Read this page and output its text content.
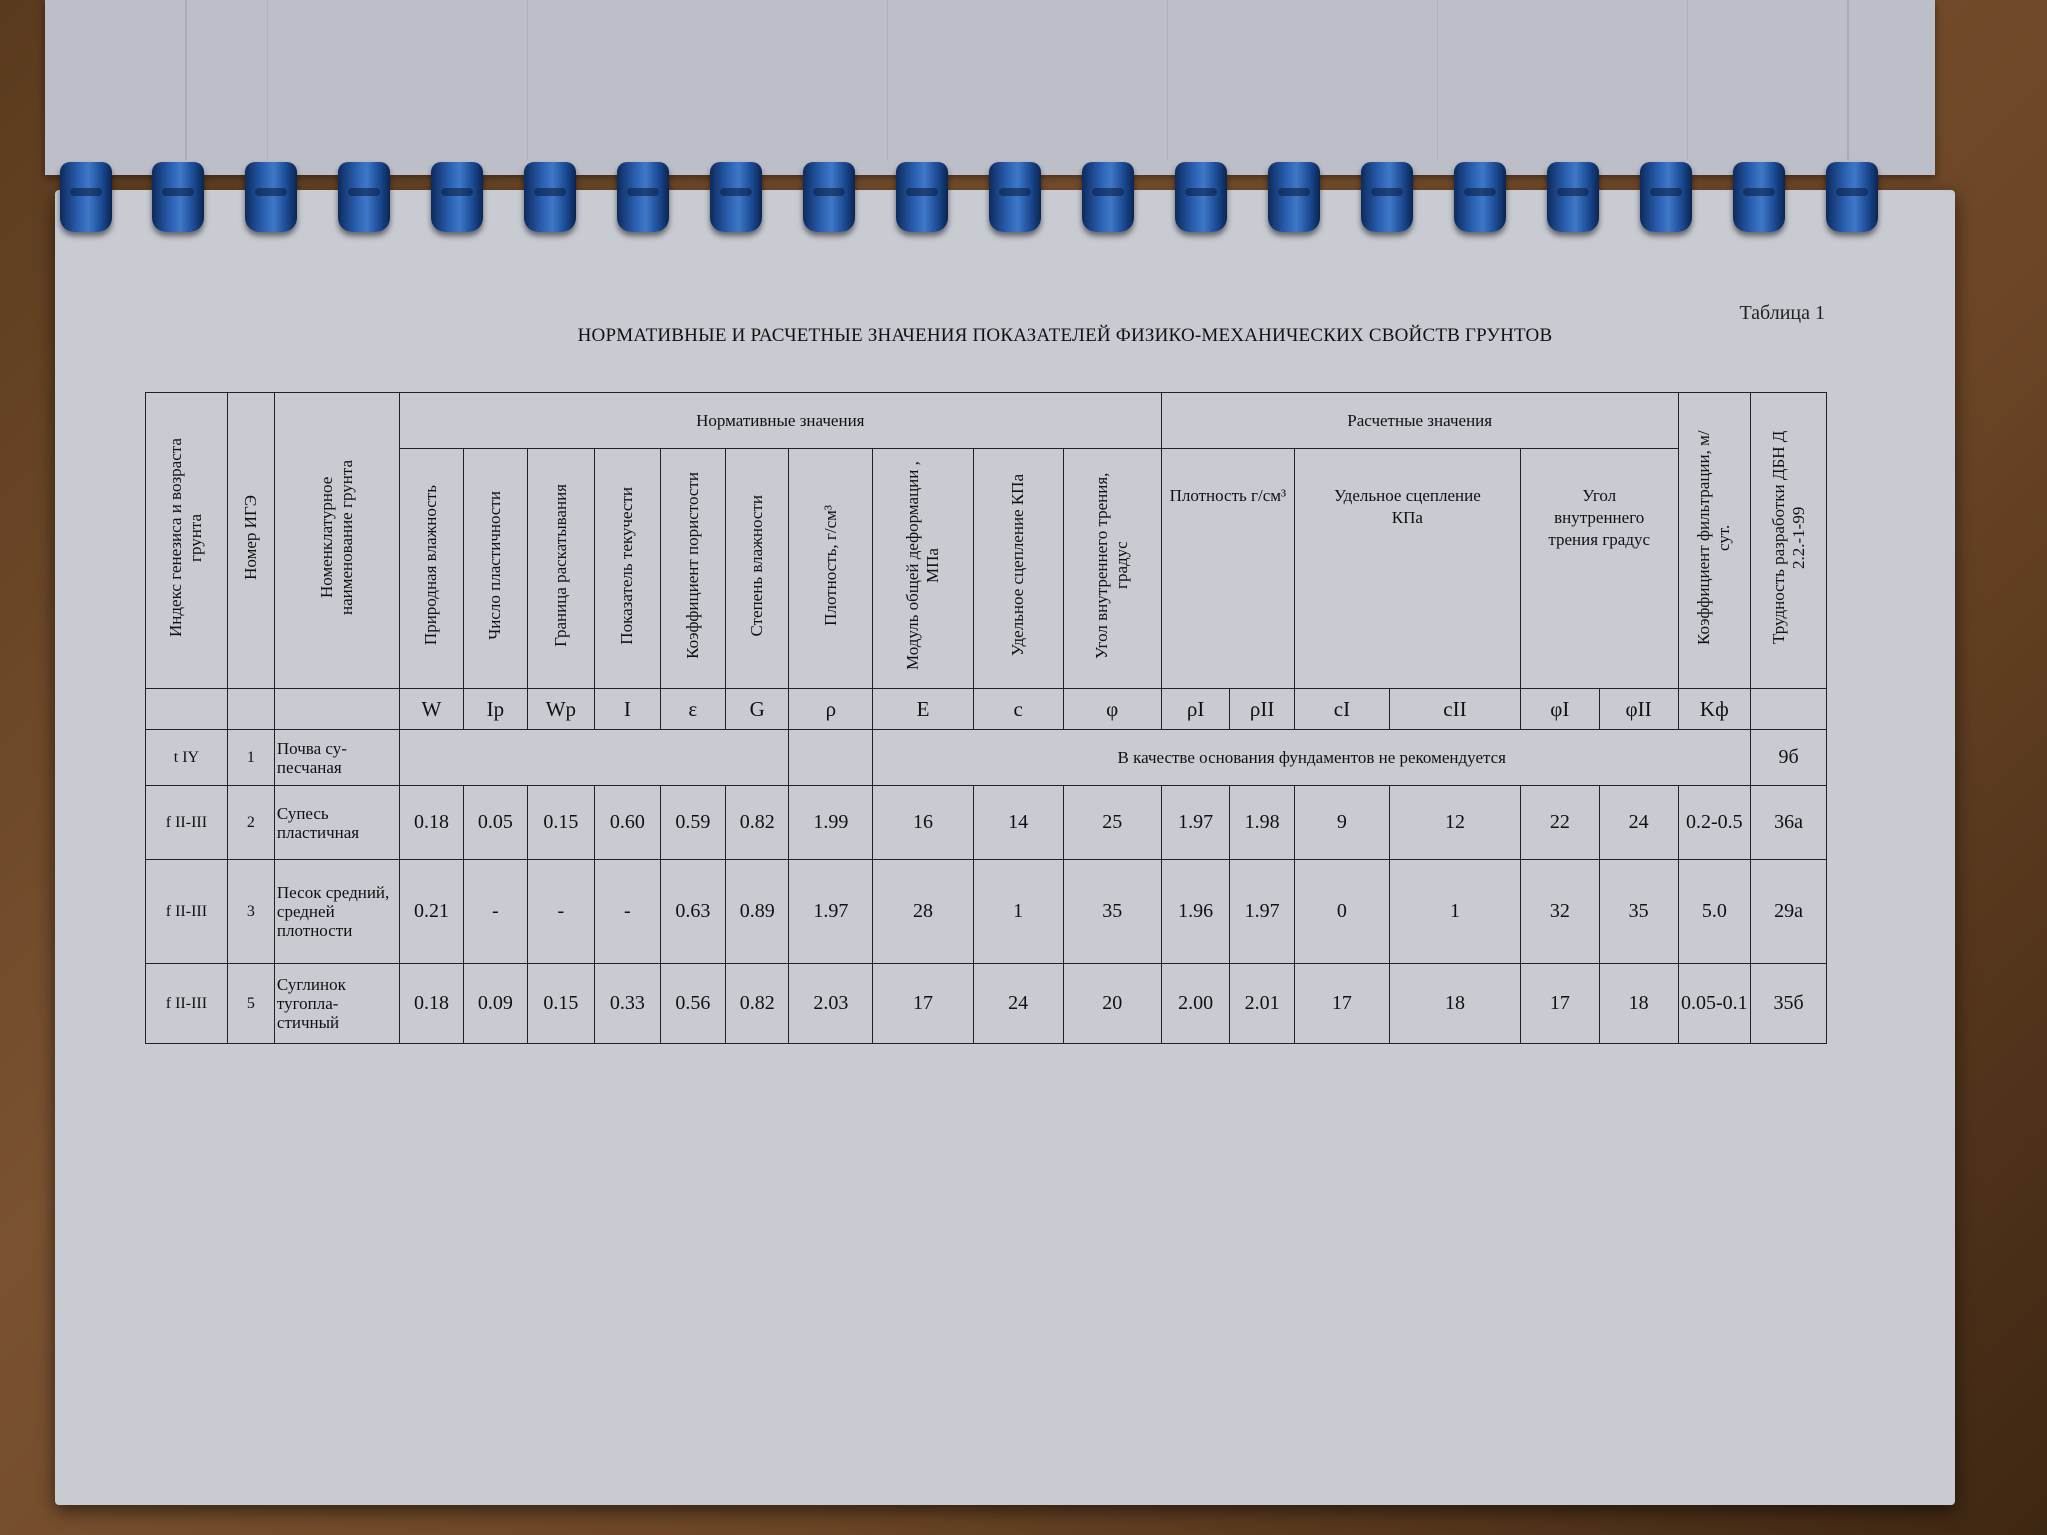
Таблица 1
НОРМАТИВНЫЕ И РАСЧЕТНЫЕ ЗНАЧЕНИЯ ПОКАЗАТЕЛЕЙ ФИЗИКО-МЕХАНИЧЕСКИХ СВОЙСТВ ГРУНТОВ
Индекс генезиса и возраста грунта	Номер ИГЭ	Номенклатурное наименование грунта	Нормативные значения										Расчетные значения						Коэффициент фильтрации, м/сут.	Трудность разработки ДБН Д 2.2.-1-99
			Природная влажность	Число пластичности	Граница раскатывания	Показатель текучести	Коэффициент пористости	Степень влажности	Плотность, г/см³	Модуль общей деформации , МПа	Удельное сцепление КПа	Угол внутреннего трения, градус	Плотность г/см³		Удельное сцепление КПа		Угол внутреннего трения градус			
			W	Ip	Wp	I	ε	G	ρ	E	c	φ	ρI	ρII	cI	cII	φI	φII	Kф	
t IY	1	Почва су-песчаная								В качестве основания фундаментов не рекомендуется										9б
f II-III	2	Супесь пластичная	0.18	0.05	0.15	0.60	0.59	0.82	1.99	16	14	25	1.97	1.98	9	12	22	24	0.2-0.5	36а
f II-III	3	Песок средний, средней плотности	0.21	-	-	-	0.63	0.89	1.97	28	1	35	1.96	1.97	0	1	32	35	5.0	29а
f II-III	5	Суглинок тугопла-стичный	0.18	0.09	0.15	0.33	0.56	0.82	2.03	17	24	20	2.00	2.01	17	18	17	18	0.05-0.1	35б
